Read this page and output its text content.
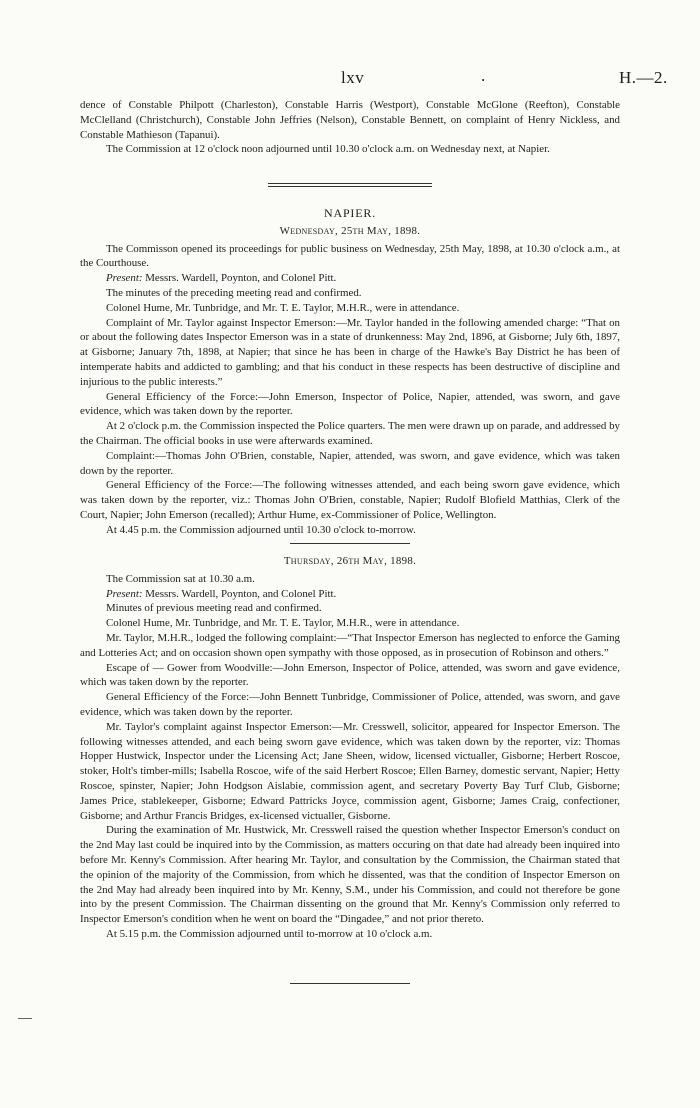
lxv	.	H.—2.

dence of Constable Philpott (Charleston), Constable Harris (Westport), Constable McGlone (Reefton), Constable McClelland (Christchurch), Constable John Jeffries (Nelson), Constable Bennett, on complaint of Henry Nickless, and Constable Mathieson (Tapanui).

The Commission at 12 o'clock noon adjourned until 10.30 o'clock a.m. on Wednesday next, at Napier.

NAPIER.

Wednesday, 25th May, 1898.

The Commisson opened its proceedings for public business on Wednesday, 25th May, 1898, at 10.30 o'clock a.m., at the Courthouse.

Present: Messrs. Wardell, Poynton, and Colonel Pitt.

The minutes of the preceding meeting read and confirmed.

Colonel Hume, Mr. Tunbridge, and Mr. T. E. Taylor, M.H.R., were in attendance.

Complaint of Mr. Taylor against Inspector Emerson:—Mr. Taylor handed in the following amended charge: “That on or about the following dates Inspector Emerson was in a state of drunkenness: May 2nd, 1896, at Gisborne; July 6th, 1897, at Gisborne; January 7th, 1898, at Napier; that since he has been in charge of the Hawke's Bay District he has been of intemperate habits and addicted to gambling; and that his conduct in these respects has been destructive of discipline and injurious to the public interests.”

General Efficiency of the Force:—John Emerson, Inspector of Police, Napier, attended, was sworn, and gave evidence, which was taken down by the reporter.

At 2 o'clock p.m. the Commission inspected the Police quarters. The men were drawn up on parade, and addressed by the Chairman. The official books in use were afterwards examined.

Complaint:—Thomas John O'Brien, constable, Napier, attended, was sworn, and gave evidence, which was taken down by the reporter.

General Efficiency of the Force:—The following witnesses attended, and each being sworn gave evidence, which was taken down by the reporter, viz.: Thomas John O'Brien, constable, Napier; Rudolf Blofield Matthias, Clerk of the Court, Napier; John Emerson (recalled); Arthur Hume, ex-Commissioner of Police, Wellington.

At 4.45 p.m. the Commission adjourned until 10.30 o'clock to-morrow.

Thursday, 26th May, 1898.

The Commission sat at 10.30 a.m.

Present: Messrs. Wardell, Poynton, and Colonel Pitt.

Minutes of previous meeting read and confirmed.

Colonel Hume, Mr. Tunbridge, and Mr. T. E. Taylor, M.H.R., were in attendance.

Mr. Taylor, M.H.R., lodged the following complaint:—“That Inspector Emerson has neglected to enforce the Gaming and Lotteries Act; and on occasion shown open sympathy with those opposed, as in prosecution of Robinson and others.”

Escape of — Gower from Woodville:—John Emerson, Inspector of Police, attended, was sworn and gave evidence, which was taken down by the reporter.

General Efficiency of the Force:—John Bennett Tunbridge, Commissioner of Police, attended, was sworn, and gave evidence, which was taken down by the reporter.

Mr. Taylor's complaint against Inspector Emerson:—Mr. Cresswell, solicitor, appeared for Inspector Emerson. The following witnesses attended, and each being sworn gave evidence, which was taken down by the reporter, viz: Thomas Hopper Hustwick, Inspector under the Licensing Act; Jane Sheen, widow, licensed victualler, Gisborne; Herbert Roscoe, stoker, Holt's timber-mills; Isabella Roscoe, wife of the said Herbert Roscoe; Ellen Barney, domestic servant, Napier; Hetty Roscoe, spinster, Napier; John Hodgson Aislabie, commission agent, and secretary Poverty Bay Turf Club, Gisborne; James Price, stablekeeper, Gisborne; Edward Pattricks Joyce, commission agent, Gisborne; James Craig, confectioner, Gisborne; and Arthur Francis Bridges, ex-licensed victualler, Gisborne.

During the examination of Mr. Hustwick, Mr. Cresswell raised the question whether Inspector Emerson's conduct on the 2nd May last could be inquired into by the Commission, as matters occuring on that date had already been inquired into before Mr. Kenny's Commission. After hearing Mr. Taylor, and consultation by the Commission, the Chairman stated that the opinion of the majority of the Commission, from which he dissented, was that the condition of Inspector Emerson on the 2nd May had already been inquired into by Mr. Kenny, S.M., under his Commission, and could not therefore be gone into by the present Commission. The Chairman dissenting on the ground that Mr. Kenny's Commission only referred to Inspector Emerson's condition when he went on board the “Dingadee,” and not prior thereto.

At 5.15 p.m. the Commission adjourned until to-morrow at 10 o'clock a.m.
